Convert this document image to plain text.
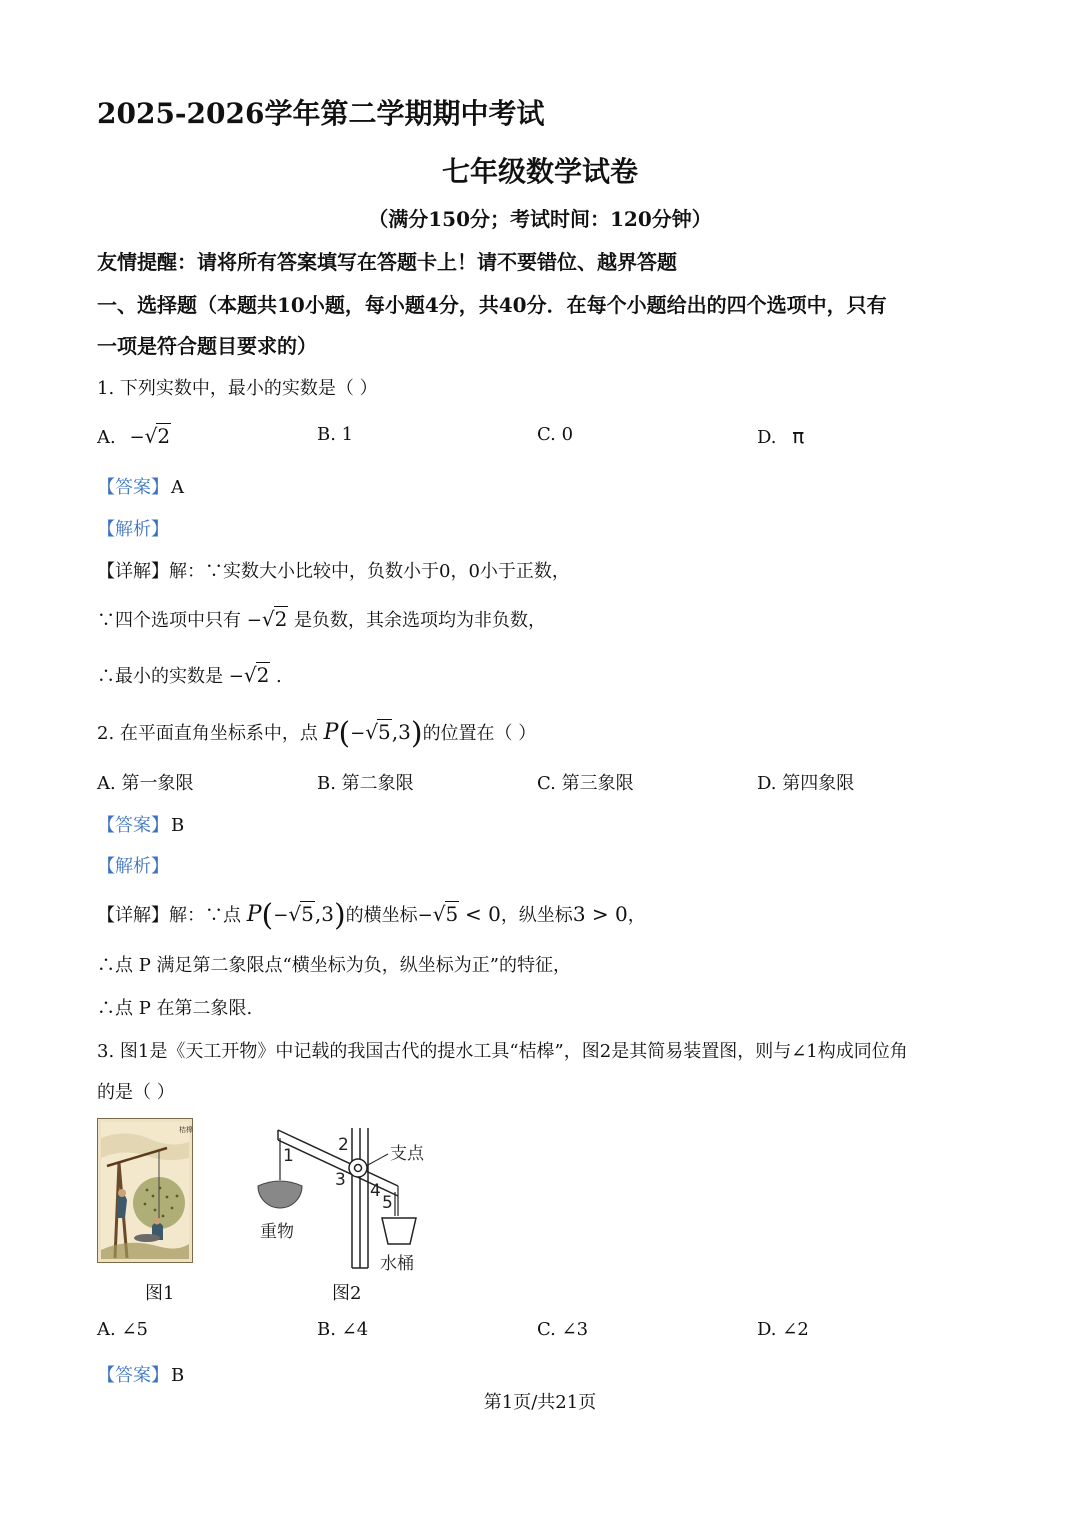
2025-2026学年第二学期期中考试
七年级数学试卷
（满分150分；考试时间：120分钟）
友情提醒：请将所有答案填写在答题卡上！请不要错位、越界答题
一、选择题（本题共10小题，每小题4分，共40分．在每个小题给出的四个选项中，只有
一项是符合题目要求的）
1. 下列实数中，最小的实数是（ ）
A. −√2	B. 1	C. 0	D. π
【答案】 A
【解析】
【详解】解：∵实数大小比较中，负数小于0，0小于正数，
∵四个选项中只有 −√2 是负数，其余选项均为非负数，
∴最小的实数是 −√2 .
2. 在平面直角坐标系中，点 P(−√5,3)的位置在（ ）
A. 第一象限	B. 第二象限	C. 第三象限	D. 第四象限
【答案】 B
【解析】
【详解】解：∵点 P(−√5,3)的横坐标−√5 < 0，纵坐标3 > 0，
∴点 P 满足第二象限点“横坐标为负，纵坐标为正”的特征，
∴点 P 在第二象限.
3. 图1是《天工开物》中记载的我国古代的提水工具“桔槔”，图2是其简易装置图，则与∠1构成同位角
的是（ ）
桔槔
图1
支点
重物
水桶
1
2
3
4
5
图2
A. ∠5	B. ∠4	C. ∠3	D. ∠2
【答案】 B
第1页/共21页
